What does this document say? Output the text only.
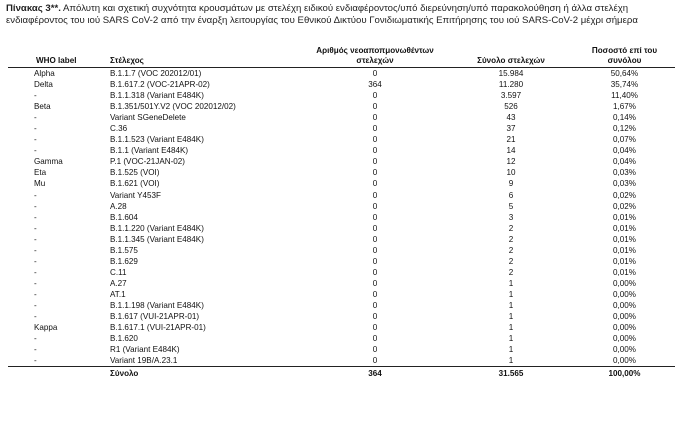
Πίνακας 3**. Απόλυτη και σχετική συχνότητα κρουσμάτων με στελέχη ειδικού ενδιαφέροντος/υπό διερεύνηση/υπό παρακολούθηση ή άλλα στελέχη ενδιαφέροντος του ιού SARS CoV-2 από την έναρξη λειτουργίας του Εθνικού Δικτύου Γονιδιωματικής Επιτήρησης του ιού SARS-CoV-2 μέχρι σήμερα
WHO label	Στέλεχος	Αριθμός νεοαποπμονωθέντων στελεχών	Σύνολο στελεχών	Ποσοστό επί του συνόλου
Alpha	B.1.1.7 (VOC 202012/01)	0	15.984	50,64%
Delta	B.1.617.2 (VOC-21APR-02)	364	11.280	35,74%
-	B.1.1.318 (Variant E484K)	0	3.597	11,40%
Beta	B.1.351/501Y.V2 (VOC 202012/02)	0	526	1,67%
-	Variant SGeneDelete	0	43	0,14%
-	C.36	0	37	0,12%
-	B.1.1.523 (Variant E484K)	0	21	0,07%
-	B.1.1 (Variant E484K)	0	14	0,04%
Gamma	P.1 (VOC-21JAN-02)	0	12	0,04%
Eta	B.1.525 (VOI)	0	10	0,03%
Mu	B.1.621 (VOI)	0	9	0,03%
-	Variant Y453F	0	6	0,02%
-	A.28	0	5	0,02%
-	B.1.604	0	3	0,01%
-	B.1.1.220 (Variant E484K)	0	2	0,01%
-	B.1.1.345 (Variant E484K)	0	2	0,01%
-	B.1.575	0	2	0,01%
-	B.1.629	0	2	0,01%
-	C.11	0	2	0,01%
-	A.27	0	1	0,00%
-	AT.1	0	1	0,00%
-	B.1.1.198 (Variant E484K)	0	1	0,00%
-	B.1.617 (VUI-21APR-01)	0	1	0,00%
Kappa	B.1.617.1 (VUI-21APR-01)	0	1	0,00%
-	B.1.620	0	1	0,00%
-	R1 (Variant E484K)	0	1	0,00%
-	Variant 19B/A.23.1	0	1	0,00%
	Σύνολο	364	31.565	100,00%
